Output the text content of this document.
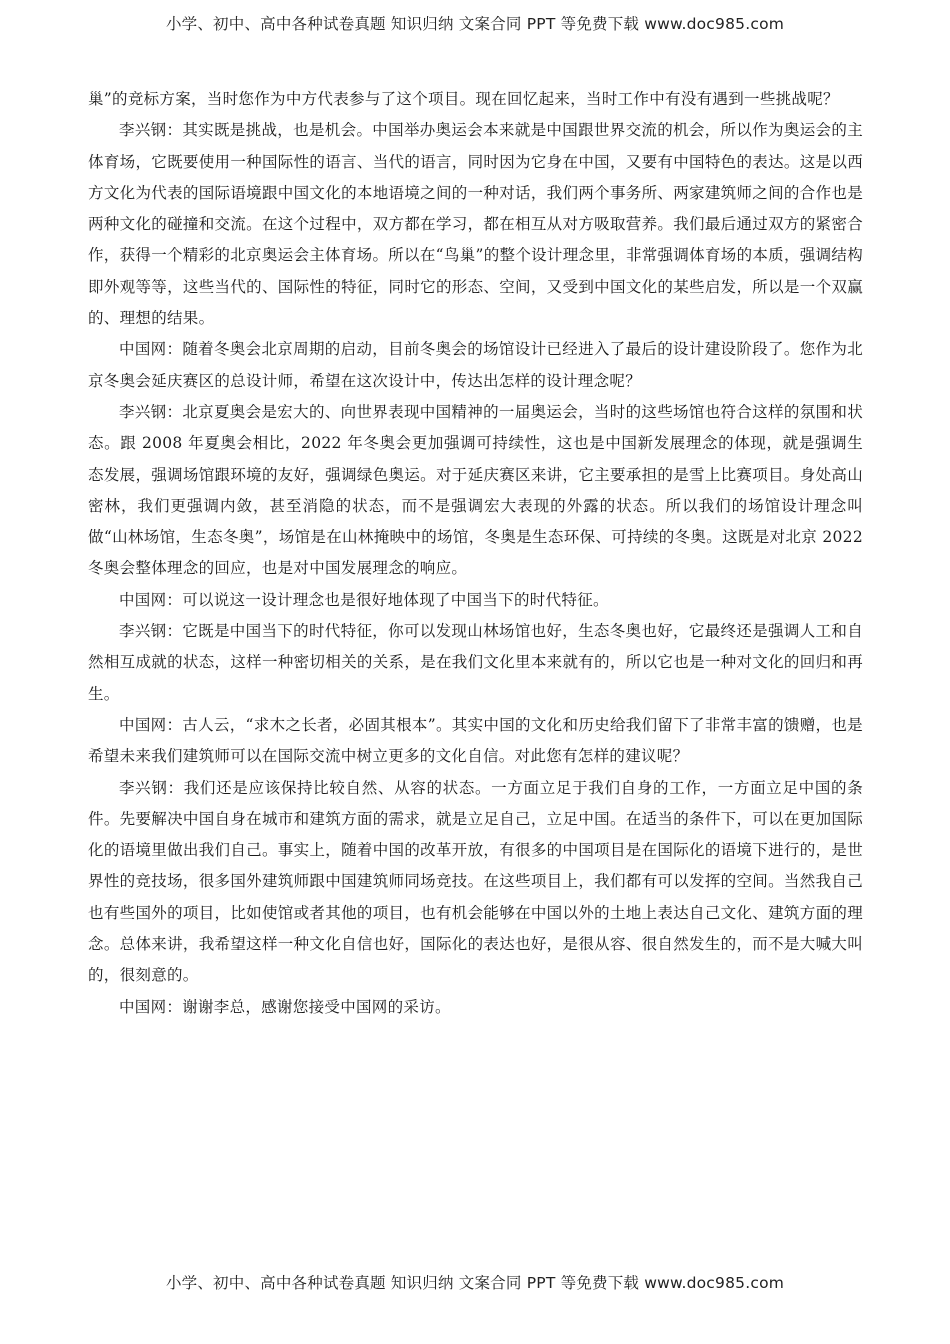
小学、初中、高中各种试卷真题 知识归纳 文案合同 PPT 等免费下载 www.doc985.com

巢”的竞标方案，当时您作为中方代表参与了这个项目。现在回忆起来，当时工作中有没有遇到一些挑战呢？

李兴钢：其实既是挑战，也是机会。中国举办奥运会本来就是中国跟世界交流的机会，所以作为奥运会的主体育场，它既要使用一种国际性的语言、当代的语言，同时因为它身在中国，又要有中国特色的表达。这是以西方文化为代表的国际语境跟中国文化的本地语境之间的一种对话，我们两个事务所、两家建筑师之间的合作也是两种文化的碰撞和交流。在这个过程中，双方都在学习，都在相互从对方吸取营养。我们最后通过双方的紧密合作，获得一个精彩的北京奥运会主体育场。所以在“鸟巢”的整个设计理念里，非常强调体育场的本质，强调结构即外观等等，这些当代的、国际性的特征，同时它的形态、空间，又受到中国文化的某些启发，所以是一个双赢的、理想的结果。

中国网：随着冬奥会北京周期的启动，目前冬奥会的场馆设计已经进入了最后的设计建设阶段了。您作为北京冬奥会延庆赛区的总设计师，希望在这次设计中，传达出怎样的设计理念呢？

李兴钢：北京夏奥会是宏大的、向世界表现中国精神的一届奥运会，当时的这些场馆也符合这样的氛围和状态。跟 2008 年夏奥会相比，2022 年冬奥会更加强调可持续性，这也是中国新发展理念的体现，就是强调生态发展，强调场馆跟环境的友好，强调绿色奥运。对于延庆赛区来讲，它主要承担的是雪上比赛项目。身处高山密林，我们更强调内敛，甚至消隐的状态，而不是强调宏大表现的外露的状态。所以我们的场馆设计理念叫做“山林场馆，生态冬奥”，场馆是在山林掩映中的场馆，冬奥是生态环保、可持续的冬奥。这既是对北京 2022 冬奥会整体理念的回应，也是对中国发展理念的响应。

中国网：可以说这一设计理念也是很好地体现了中国当下的时代特征。

李兴钢：它既是中国当下的时代特征，你可以发现山林场馆也好，生态冬奥也好，它最终还是强调人工和自然相互成就的状态，这样一种密切相关的关系，是在我们文化里本来就有的，所以它也是一种对文化的回归和再生。

中国网：古人云，“求木之长者，必固其根本”。其实中国的文化和历史给我们留下了非常丰富的馈赠，也是希望未来我们建筑师可以在国际交流中树立更多的文化自信。对此您有怎样的建议呢？

李兴钢：我们还是应该保持比较自然、从容的状态。一方面立足于我们自身的工作，一方面立足中国的条件。先要解决中国自身在城市和建筑方面的需求，就是立足自己，立足中国。在适当的条件下，可以在更加国际化的语境里做出我们自己。事实上，随着中国的改革开放，有很多的中国项目是在国际化的语境下进行的，是世界性的竞技场，很多国外建筑师跟中国建筑师同场竞技。在这些项目上，我们都有可以发挥的空间。当然我自己也有些国外的项目，比如使馆或者其他的项目，也有机会能够在中国以外的土地上表达自己文化、建筑方面的理念。总体来讲，我希望这样一种文化自信也好，国际化的表达也好，是很从容、很自然发生的，而不是大喊大叫的，很刻意的。

中国网：谢谢李总，感谢您接受中国网的采访。

小学、初中、高中各种试卷真题 知识归纳 文案合同 PPT 等免费下载 www.doc985.com
